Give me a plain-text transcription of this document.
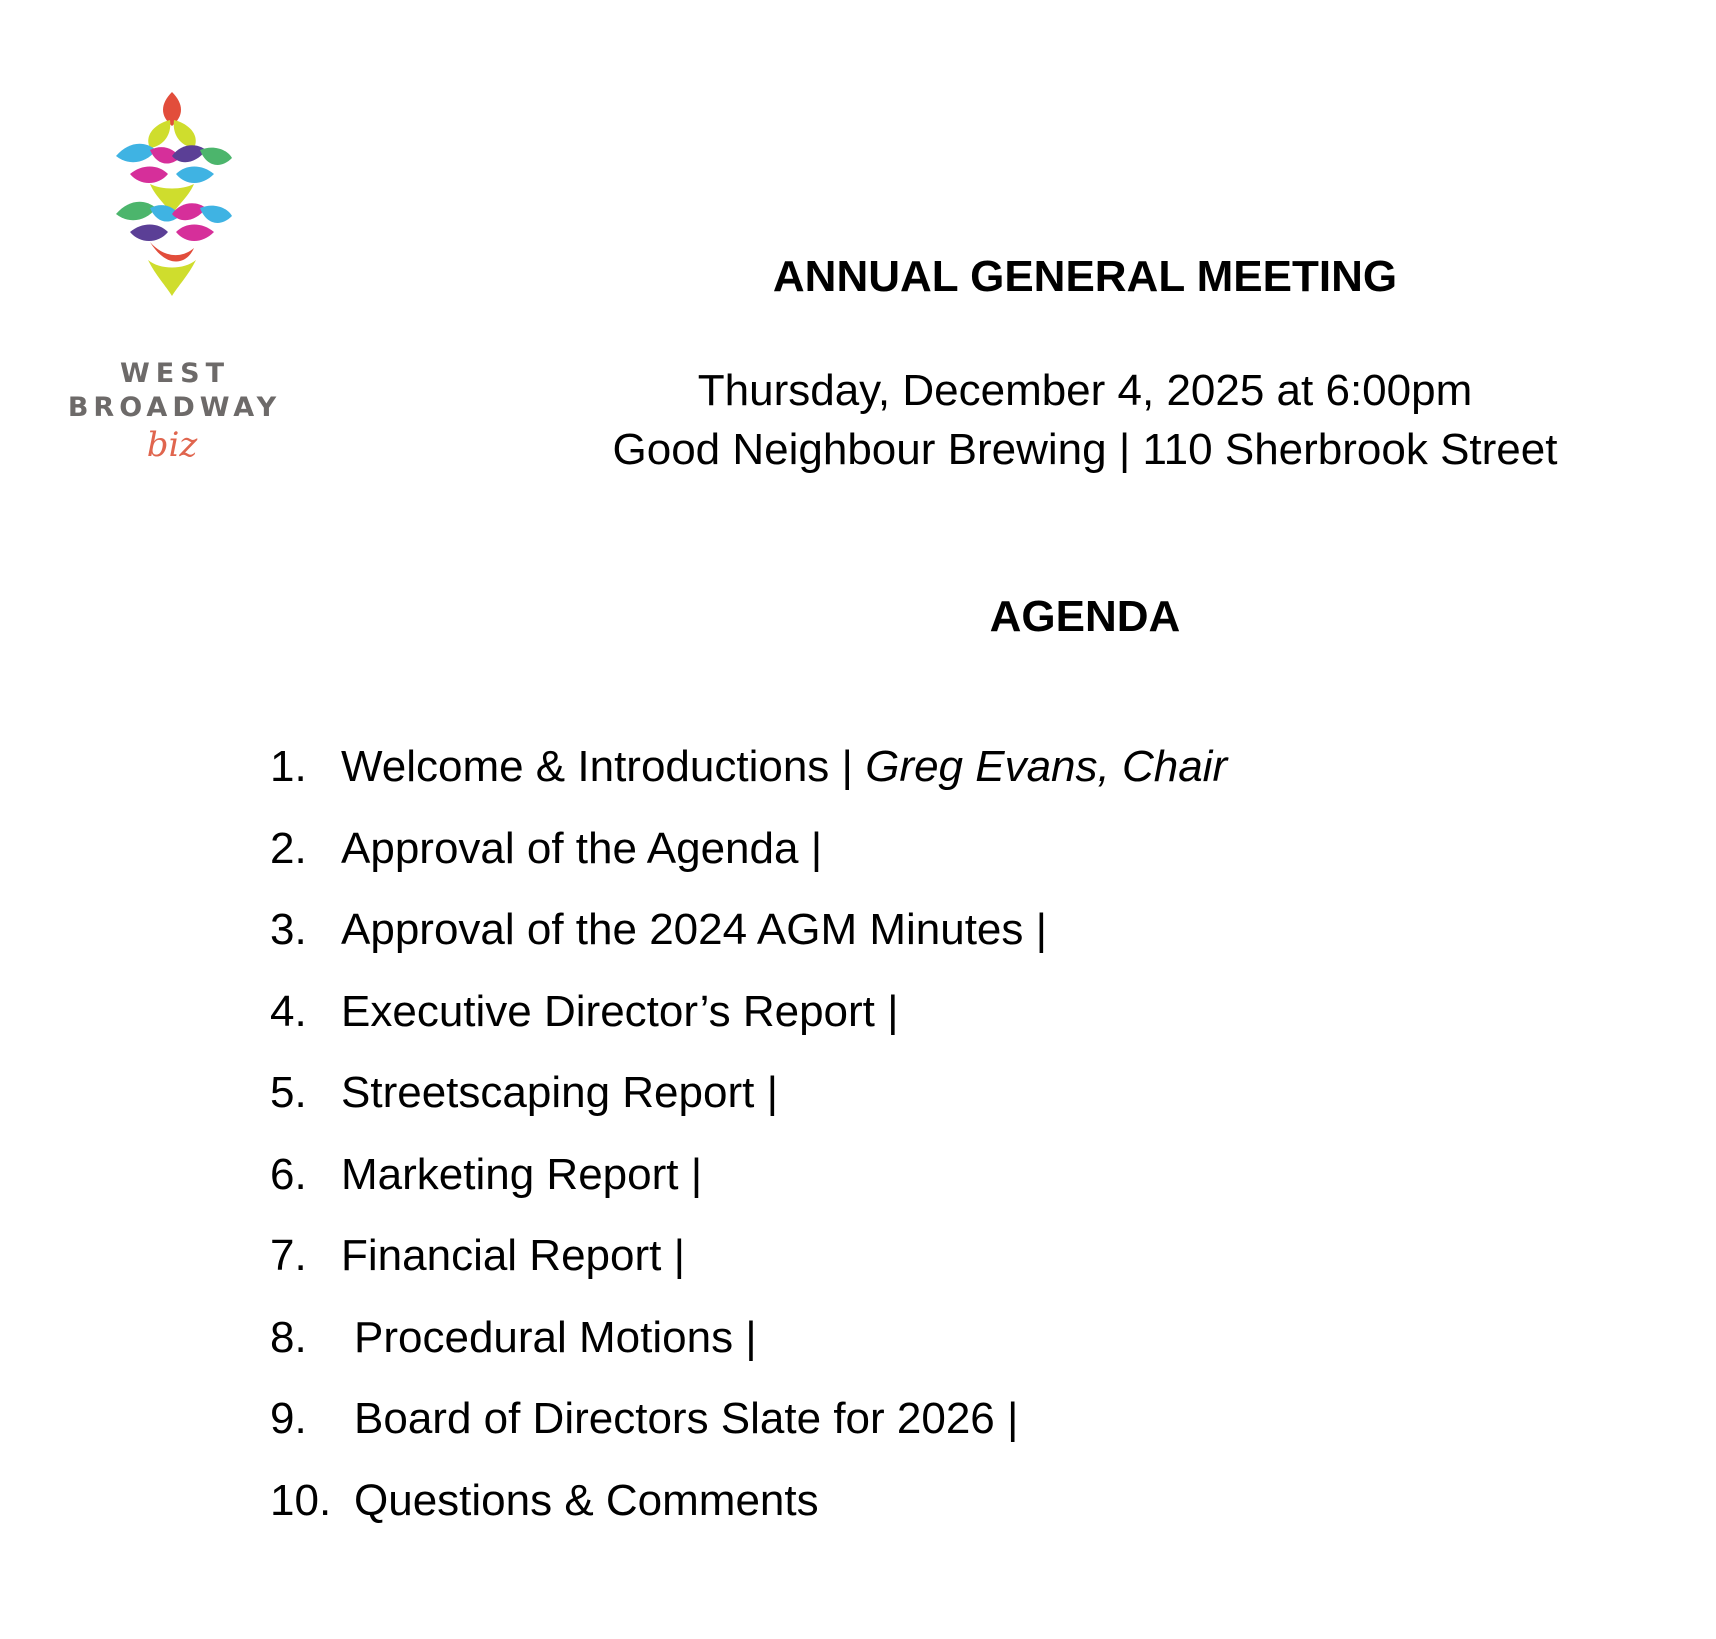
WEST
BROADWAY
biz
ANNUAL GENERAL MEETING
Thursday, December 4, 2025 at 6:00pm
Good Neighbour Brewing | 110 Sherbrook Street
AGENDA
1. Welcome & Introductions | Greg Evans, Chair
2. Approval of the Agenda |
3. Approval of the 2024 AGM Minutes |
4. Executive Director’s Report |
5. Streetscaping Report |
6. Marketing Report |
7. Financial Report |
8. Procedural Motions |
9. Board of Directors Slate for 2026 |
10. Questions & Comments
